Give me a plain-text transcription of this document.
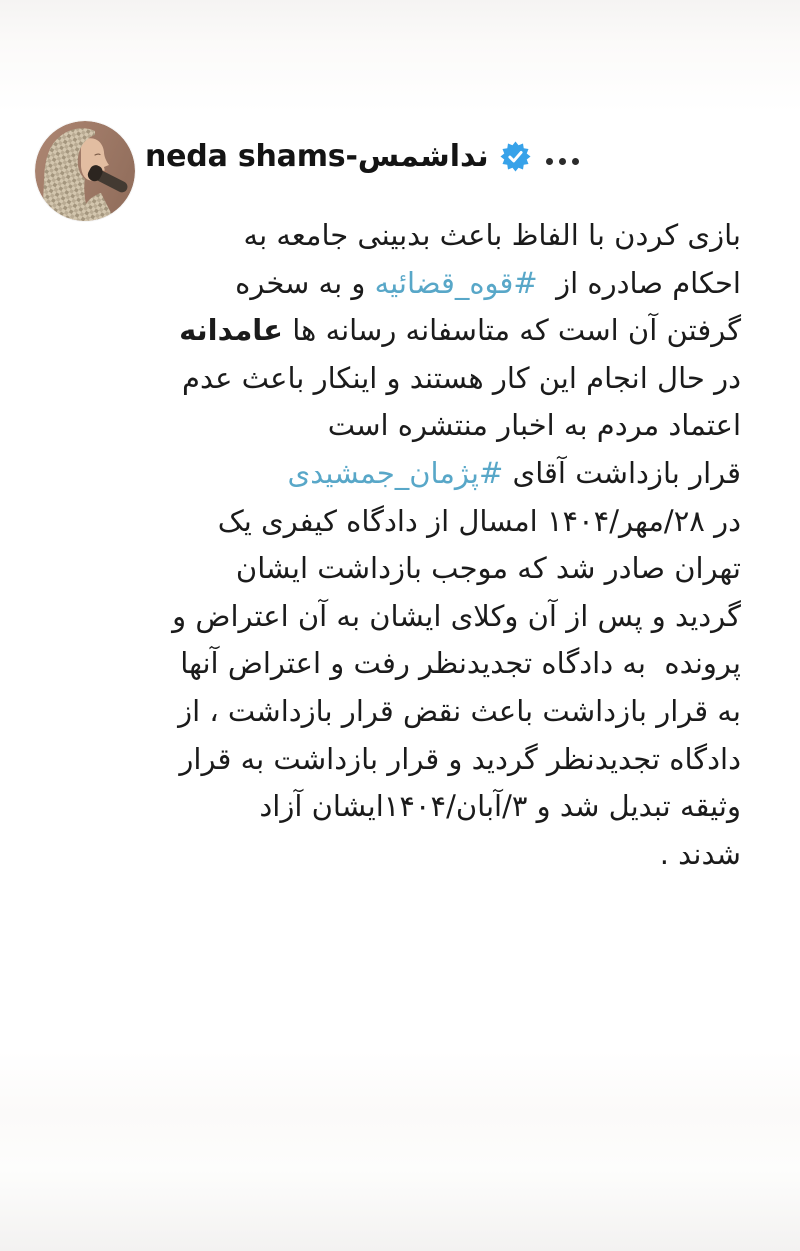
neda shams-نداشمس
بازی کردن با الفاظ باعث بدبینی جامعه به
احکام صادره از  #قوه_قضائیه و به سخره
گرفتن آن است که متاسفانه رسانه ها عامدانه
در حال انجام این کار هستند و اینکار باعث عدم
اعتماد مردم به اخبار منتشره است
قرار بازداشت آقای #پژمان_جمشیدی
در ۲۸/مهر/۱۴۰۴ امسال از دادگاه کیفری یک
تهران صادر شد که موجب بازداشت ایشان
گردید و پس از آن وکلای ایشان به آن اعتراض و
پرونده  به دادگاه تجدیدنظر رفت و اعتراض آنها
به قرار بازداشت باعث نقض قرار بازداشت ، از
دادگاه تجدیدنظر گردید و قرار بازداشت به قرار
وثیقه تبدیل شد و ۳/آبان/۱۴۰۴ایشان آزاد
شدند .
